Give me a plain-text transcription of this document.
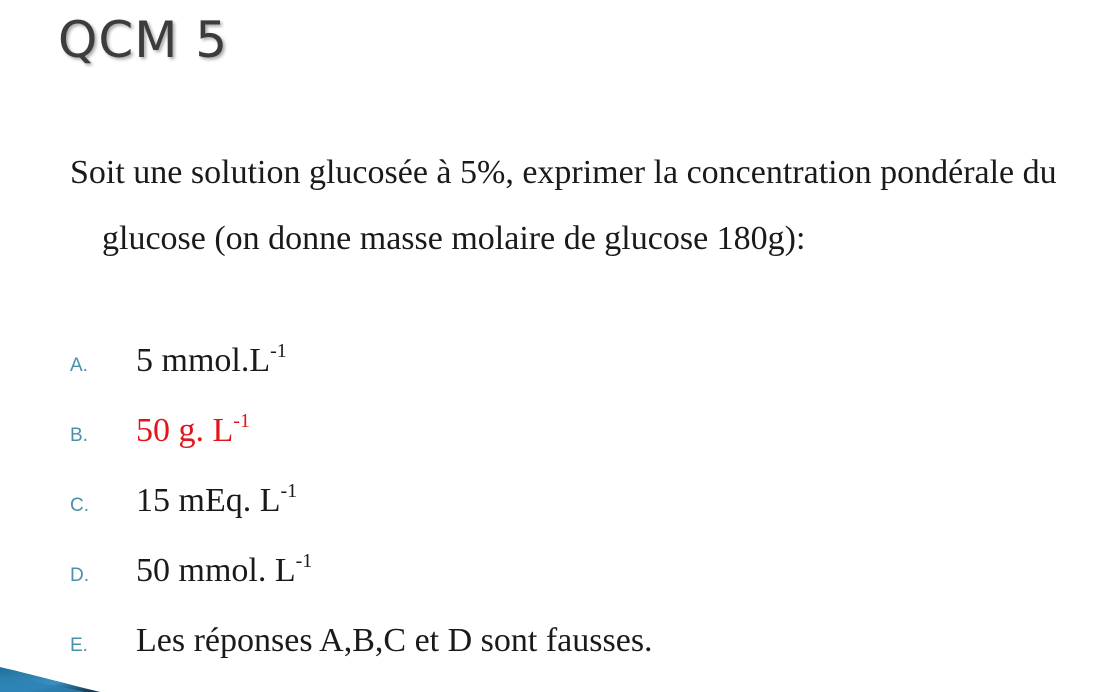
QCM 5

Soit une solution glucosée à 5%, exprimer la concentration pondérale du glucose (on donne masse molaire de glucose 180g):

A.	5 $mmol.L^{-1}$
B.	50 g. $L^{-1}$
C.	15 mEq. $L^{-1}$
D.	50 mmol. $L^{-1}$
E.	Les réponses A,B,C et D sont fausses.
